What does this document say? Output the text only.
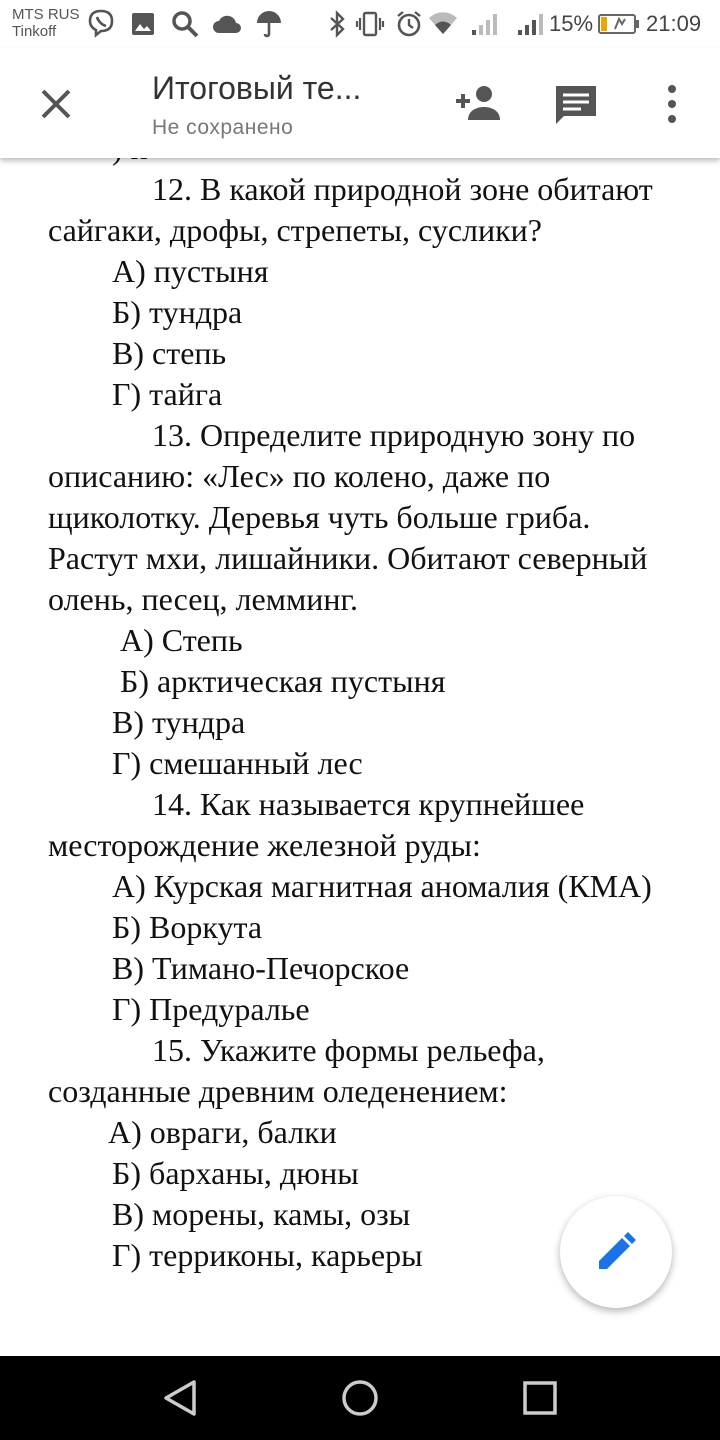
MTS RUS
Tinkoff	15% 21:09
Итоговый те...
Не сохранено

12. В какой природной зоне обитают сайгаки, дрофы, стрепеты, суслики?

А) пустыня

Б) тундра

В) степь

Г) тайга

13. Определите природную зону по описанию: «Лес» по колено, даже по щиколотку. Деревья чуть больше гриба. Растут мхи, лишайники. Обитают северный олень, песец, лемминг.

А) Степь

Б) арктическая пустыня

В) тундра

Г) смешанный лес

14. Как называется крупнейшее месторождение железной руды:

А) Курская магнитная аномалия (КМА)

Б) Воркута

В) Тимано-Печорское

Г) Предуралье

15. Укажите формы рельефа, созданные древним оледенением:

А) овраги, балки

Б) барханы, дюны

В) морены, камы, озы

Г) терриконы, карьеры
